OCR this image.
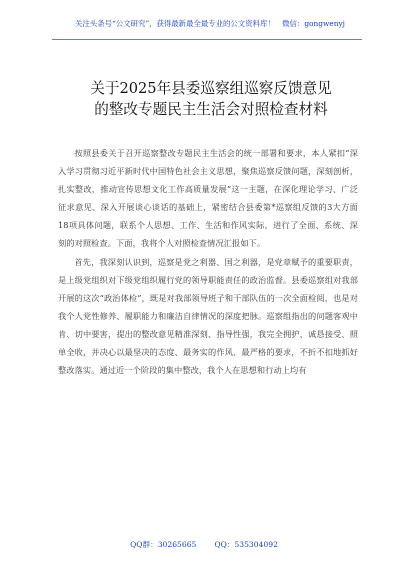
关注头条号“公文研究”，获得最新最全最专业的公文资料库！　微信：gongwenyj
关于2025年县委巡察组巡察反馈意见
的整改专题民主生活会对照检查材料

按照县委关于召开巡察整改专题民主生活会的统一部署和要求，本人紧扣“深入学习贯彻习近平新时代中国特色社会主义思想，聚焦巡察反馈问题，深刻剖析，扎实整改，推动宣传思想文化工作高质量发展”这一主题，在深化理论学习、广泛征求意见、深入开展谈心谈话的基础上，紧密结合县委第*巡察组反馈的3大方面18项具体问题，联系个人思想、工作、生活和作风实际，进行了全面、系统、深刻的对照检查。下面，我将个人对照检查情况汇报如下。

首先，我深刻认识到，巡察是党之利器、国之利器，是党章赋予的重要职责，是上级党组织对下级党组织履行党的领导职能责任的政治监督。县委巡察组对我部开展的这次“政治体检”，既是对我部领导班子和干部队伍的一次全面检阅，也是对我个人党性修养、履职能力和廉洁自律情况的深度把脉。巡察组指出的问题客观中肯、切中要害，提出的整改意见精准深刻、指导性强，我完全拥护、诚恳接受、照单全收，并决心以最坚决的态度、最务实的作风、最严格的要求，不折不扣地抓好整改落实。通过近一个阶段的集中整改，我个人在思想和行动上均有

QQ群：30265665 QQ：535304092
